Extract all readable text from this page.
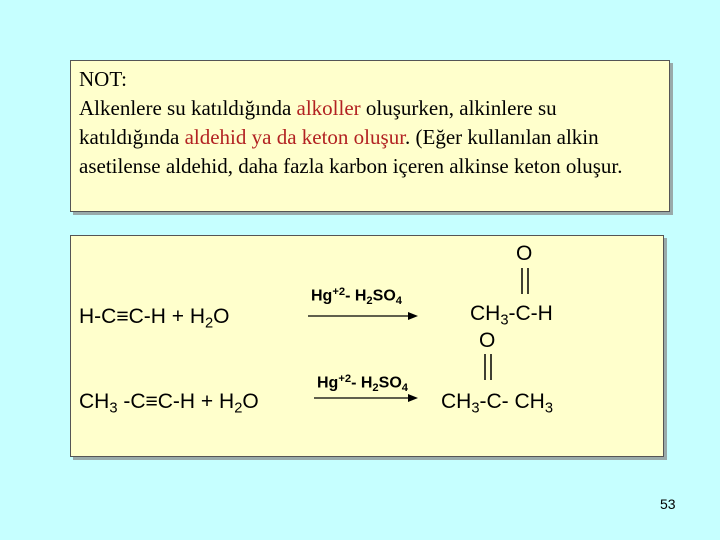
NOT:
Alkenlere su katıldığında alkoller oluşurken, alkinlere su katıldığında aldehid ya da keton oluşur. (Eğer kullanılan alkin asetilense aldehid, daha fazla karbon içeren alkinse keton oluşur.
$H-C\equiv C-H + H_2O$
$Hg^{+2}-$ $H_2SO_4$
O
$CH_3-C-H$
$CH_3$ $-C\equiv C-H + H_2O$
$Hg^{+2}-$ $H_2SO_4$
O
$CH_3-C-$ $CH_3$
53
